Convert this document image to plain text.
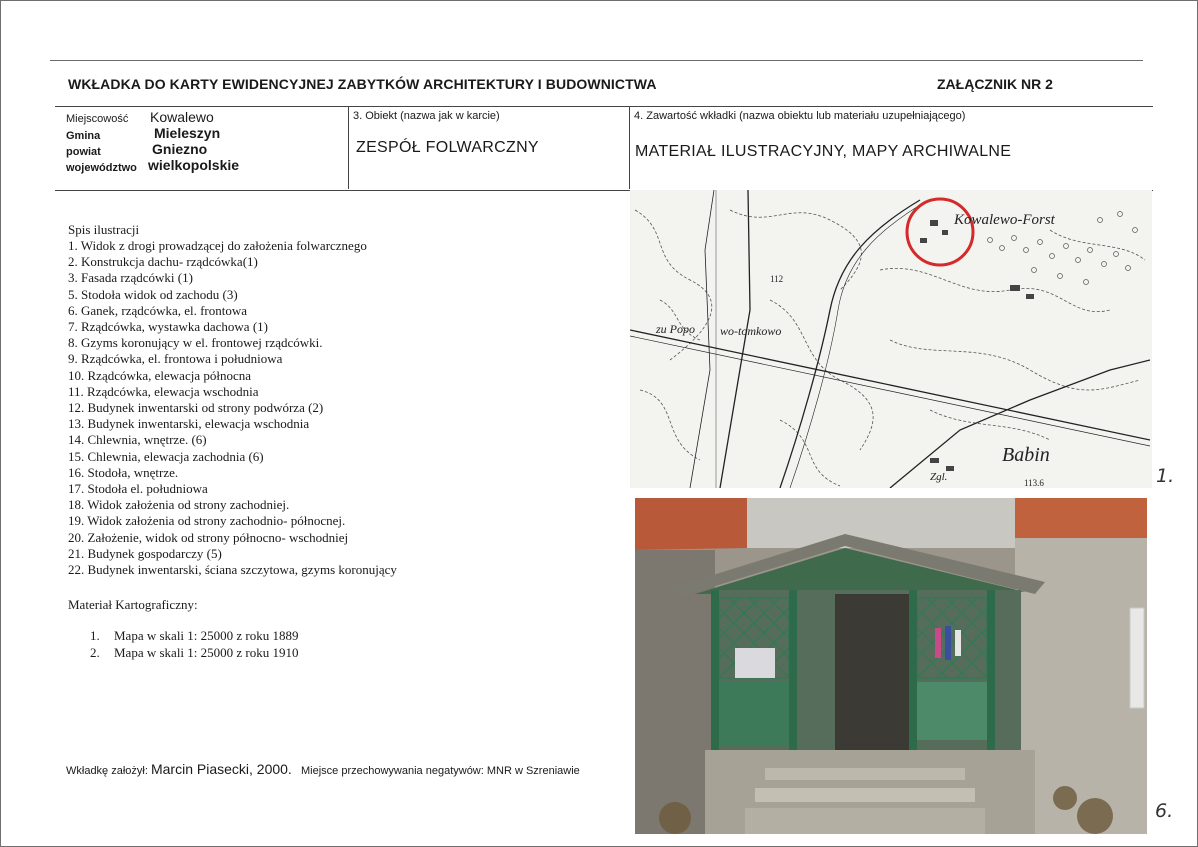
WKŁADKA DO KARTY EWIDENCYJNEJ ZABYTKÓW ARCHITEKTURY I BUDOWNICTWA	ZAŁĄCZNIK NR 2
Miejscowość Kowalewo
Gmina	Mieleszyn
powiat	Gniezno
województwo wielkopolskie
3. Obiekt (nazwa jak w karcie)
ZESPÓŁ FOLWARCZNY
4. Zawartość wkładki (nazwa obiektu lub materiału uzupełniającego)
MATERIAŁ ILUSTRACYJNY, MAPY ARCHIWALNE
Spis ilustracji
1. Widok z drogi prowadzącej do założenia folwarcznego
2. Konstrukcja dachu- rządcówka(1)
3. Fasada rządcówki (1)
5. Stodoła widok od zachodu (3)
6. Ganek, rządcówka, el. frontowa
7. Rządcówka, wystawka dachowa (1)
8. Gzyms koronujący w el. frontowej rządcówki.
9. Rządcówka, el. frontowa i południowa
10. Rządcówka, elewacja północna
11. Rządcówka, elewacja wschodnia
12. Budynek inwentarski od strony podwórza (2)
13. Budynek inwentarski, elewacja wschodnia
14. Chlewnia, wnętrze. (6)
15. Chlewnia, elewacja zachodnia (6)
16. Stodoła, wnętrze.
17. Stodoła el. południowa
18. Widok założenia od strony zachodniej.
19. Widok założenia od strony zachodnio- północnej.
20. Założenie, widok od strony północno- wschodniej
21. Budynek gospodarczy (5)
22. Budynek inwentarski, ściana szczytowa, gzyms koronujący
Materiał Kartograficzny:
1. Mapa w skali 1: 25000 z roku 1889
2. Mapa w skali 1: 25000 z roku 1910
Wkładkę założył: Marcin Piasecki, 2000. Miejsce przechowywania negatywów: MNR w Szreniawie
Kowalewo-Forst
zu Popo wo-tomkowo
Babin
Zgl.
112
113.6	1.
6.
